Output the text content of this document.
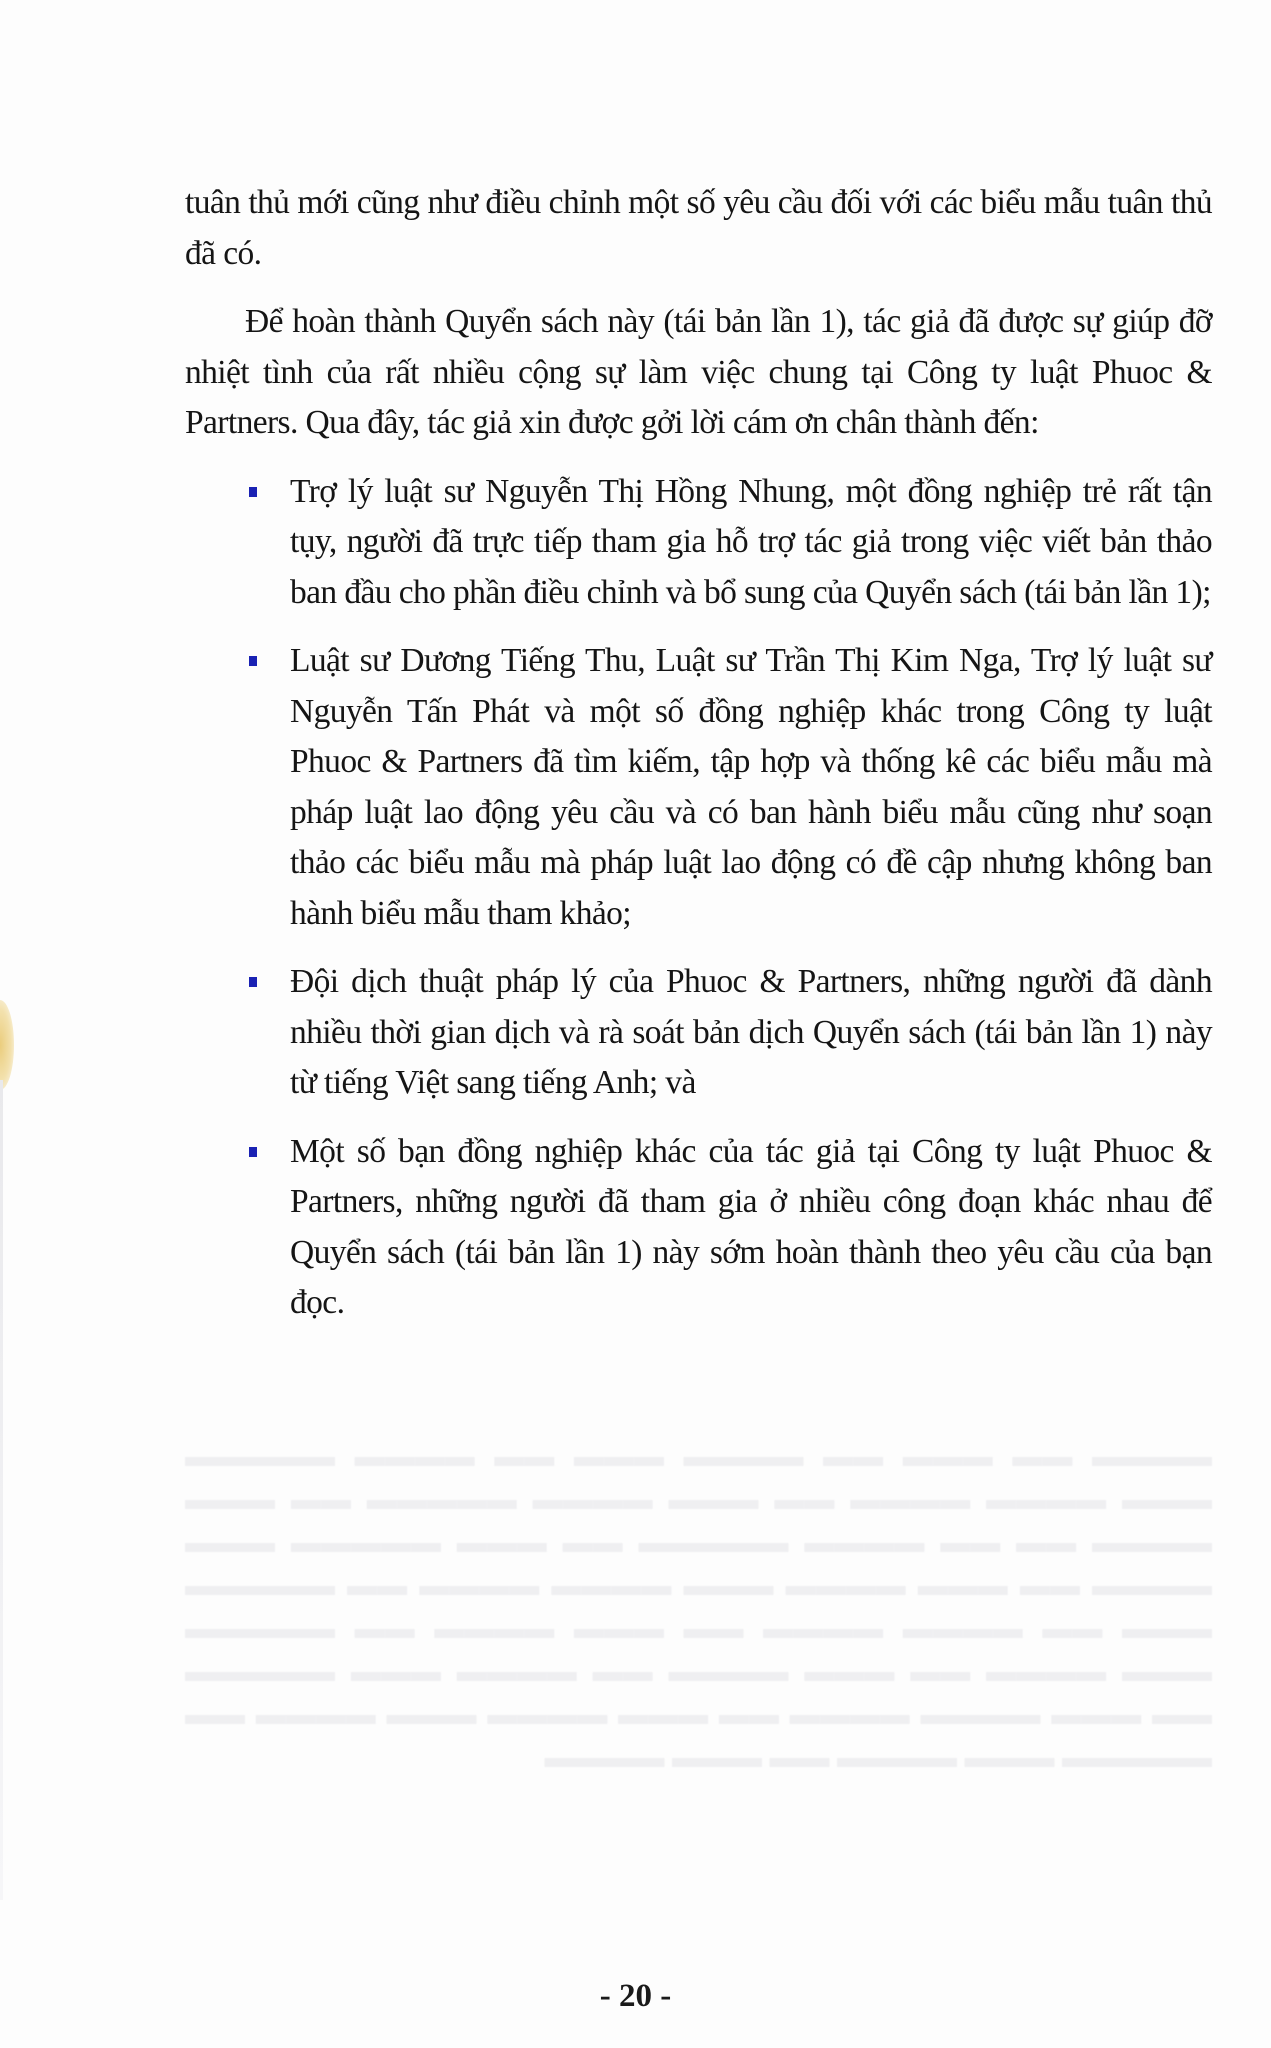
▬▬▬▬ ▬▬ ▬▬▬ ▬▬ ▬▬▬▬ ▬▬▬ ▬▬ ▬▬▬▬ ▬▬▬▬▬ ▬▬▬ ▬▬▬▬ ▬▬▬▬ ▬▬ ▬▬▬ ▬▬▬▬ ▬▬▬▬▬ ▬▬ ▬▬▬ ▬▬▬▬ ▬▬ ▬▬ ▬▬▬▬ ▬▬▬▬▬ ▬▬ ▬▬▬ ▬▬▬▬▬ ▬▬▬ ▬▬▬▬ ▬▬ ▬▬▬ ▬▬▬▬ ▬▬▬ ▬▬▬▬ ▬▬▬▬ ▬▬ ▬▬▬▬▬ ▬▬▬ ▬▬ ▬▬▬▬ ▬▬▬▬ ▬▬ ▬▬▬ ▬▬▬▬ ▬▬ ▬▬▬▬▬ ▬▬▬ ▬▬▬▬ ▬▬ ▬▬▬ ▬▬▬▬ ▬▬ ▬▬▬▬ ▬▬▬ ▬▬▬▬▬ ▬▬ ▬▬▬ ▬▬▬▬ ▬▬▬▬ ▬▬ ▬▬▬ ▬▬▬▬ ▬▬▬ ▬▬▬▬ ▬▬ ▬▬▬▬▬ ▬▬▬ ▬▬▬▬ ▬▬ ▬▬▬ ▬▬▬▬

tuân thủ mới cũng như điều chỉnh một số yêu cầu đối với các biểu mẫu tuân thủ đã có.

Để hoàn thành Quyển sách này (tái bản lần 1), tác giả đã được sự giúp đỡ nhiệt tình của rất nhiều cộng sự làm việc chung tại Công ty luật Phuoc & Partners. Qua đây, tác giả xin được gởi lời cám ơn chân thành đến:

Trợ lý luật sư Nguyễn Thị Hồng Nhung, một đồng nghiệp trẻ rất tận tụy, người đã trực tiếp tham gia hỗ trợ tác giả trong việc viết bản thảo ban đầu cho phần điều chỉnh và bổ sung của Quyển sách (tái bản lần 1);
Luật sư Dương Tiếng Thu, Luật sư Trần Thị Kim Nga, Trợ lý luật sư Nguyễn Tấn Phát và một số đồng nghiệp khác trong Công ty luật Phuoc & Partners đã tìm kiếm, tập hợp và thống kê các biểu mẫu mà pháp luật lao động yêu cầu và có ban hành biểu mẫu cũng như soạn thảo các biểu mẫu mà pháp luật lao động có đề cập nhưng không ban hành biểu mẫu tham khảo;
Đội dịch thuật pháp lý của Phuoc & Partners, những người đã dành nhiều thời gian dịch và rà soát bản dịch Quyển sách (tái bản lần 1) này từ tiếng Việt sang tiếng Anh; và
Một số bạn đồng nghiệp khác của tác giả tại Công ty luật Phuoc & Partners, những người đã tham gia ở nhiều công đoạn khác nhau để Quyển sách (tái bản lần 1) này sớm hoàn thành theo yêu cầu của bạn đọc.
- 20 -
